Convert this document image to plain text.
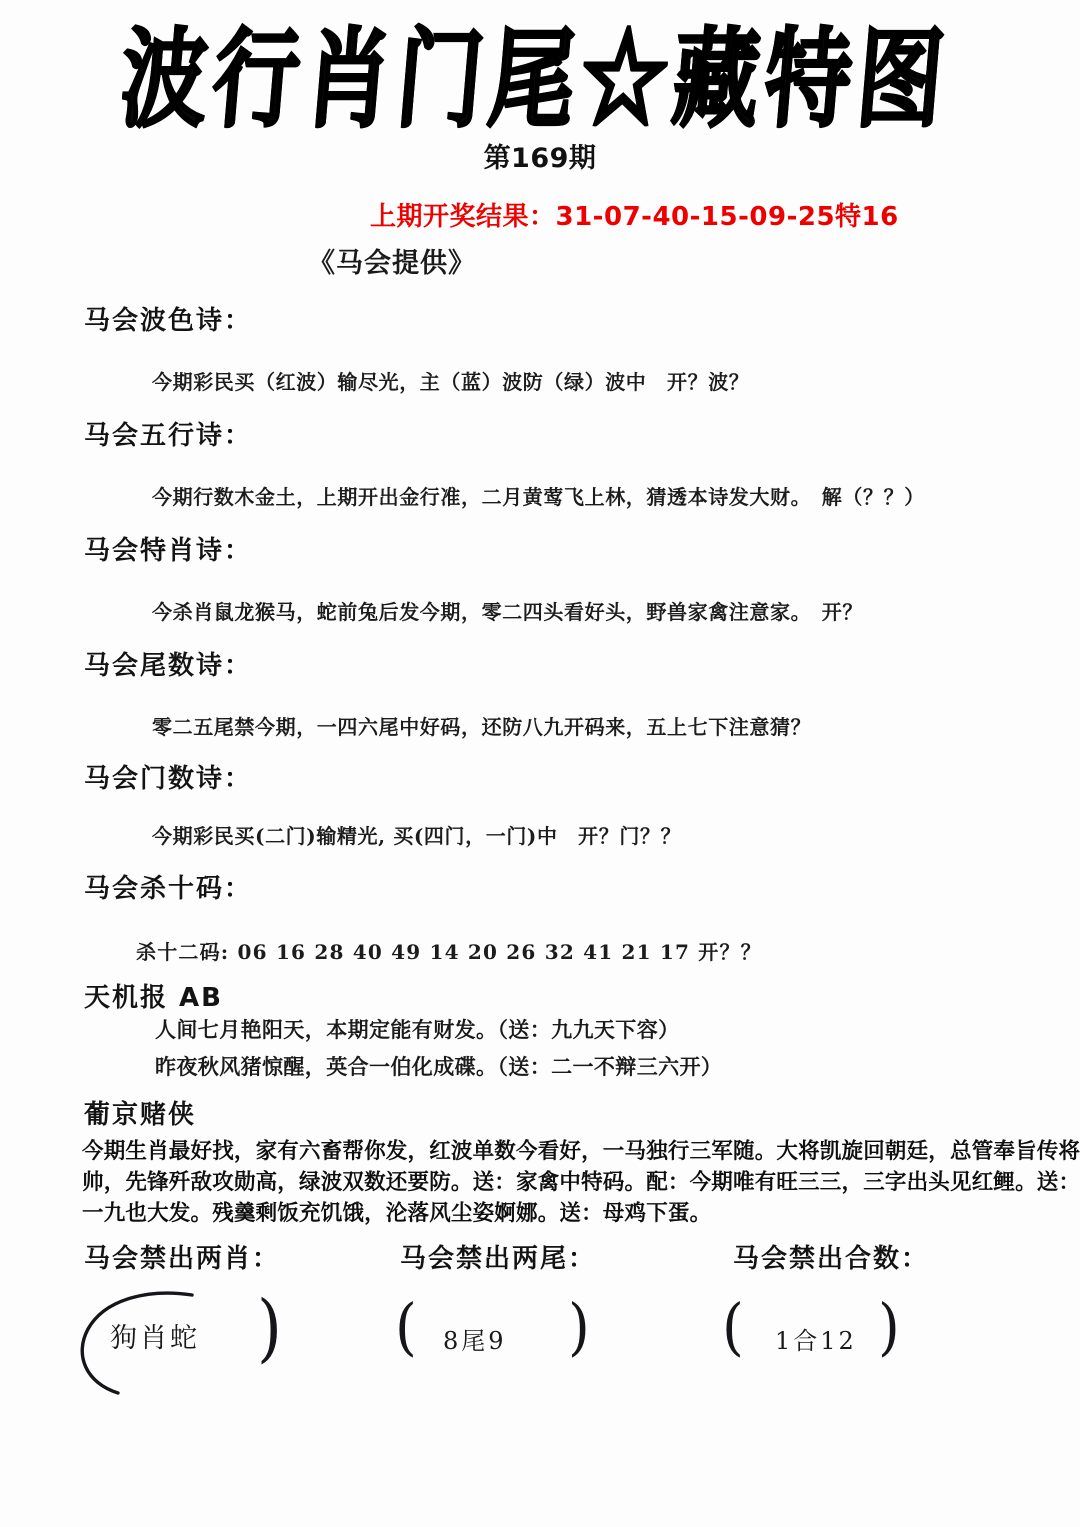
波行肖门尾☆藏特图
第169期
上期开奖结果：31-07-40-15-09-25特16
《马会提供》
马会波色诗：
今期彩民买（红波）输尽光，主（蓝）波防（绿）波中　开？波？
马会五行诗：
今期行数木金土，上期开出金行准，二月黄莺飞上林，猜透本诗发大财。　解（？？）
马会特肖诗：
今杀肖鼠龙猴马，蛇前兔后发今期，零二四头看好头，野兽家禽注意家。　开？
马会尾数诗：
零二五尾禁今期，一四六尾中好码，还防八九开码来，五上七下注意猜？
马会门数诗：
今期彩民买(二门)输精光, 买(四门，一门)中　开？门？？
马会杀十码：
杀十二码: 06 16 28 40 49 14 20 26 32 41 21 17 开？？
天机报 AB
人间七月艳阳天，本期定能有财发。（送：九九天下容）
昨夜秋风猪惊醒，英合一伯化成碟。（送：二一不辩三六开）
葡京赌侠
今期生肖最好找，家有六畜帮你发，红波单数今看好，一马独行三军随。大将凯旋回朝廷，总管奉旨传将
帅，先锋歼敌攻勋高，绿波双数还要防。送：家禽中特码。配：今期唯有旺三三，三字出头见红鲤。送：
一九也大发。残羹剩饭充饥饿，沦落风尘姿婀娜。送：母鸡下蛋。
马会禁出两肖：	马会禁出两尾：	马会禁出合数：
)
狗肖蛇	( 8尾9 ) ( 1合12 )
